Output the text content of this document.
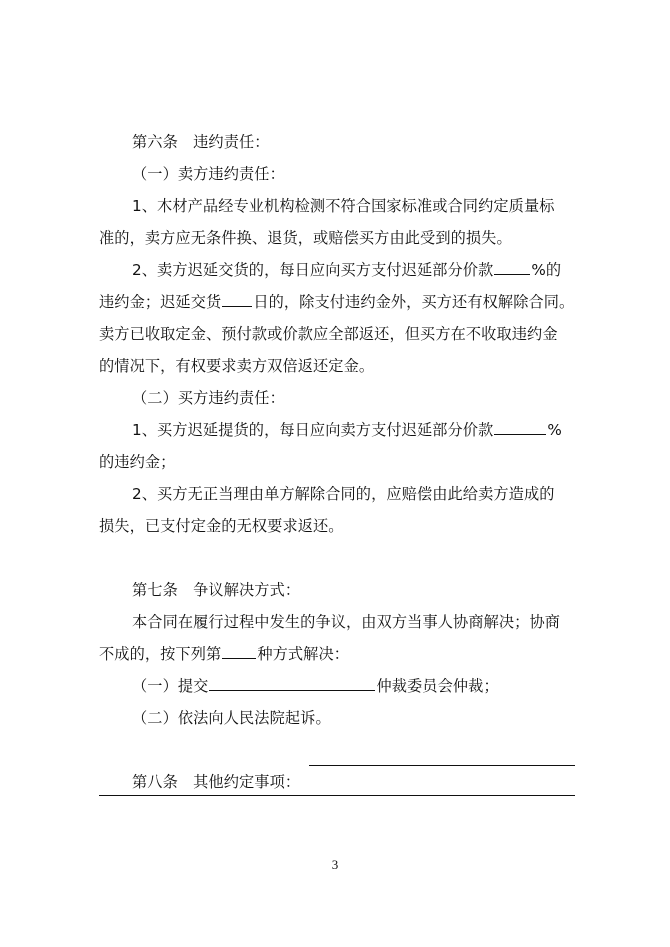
第六条　违约责任：
（一）卖方违约责任：
1、木材产品经专业机构检测不符合国家标准或合同约定质量标
准的，卖方应无条件换、退货，或赔偿买方由此受到的损失。
2、卖方迟延交货的，每日应向买方支付迟延部分价款	%的
违约金；迟延交货 日的，除支付违约金外，买方还有权解除合同。
卖方已收取定金、预付款或价款应全部返还，但买方在不收取违约金
的情况下，有权要求卖方双倍返还定金。
（二）买方违约责任：
1、买方迟延提货的，每日应向卖方支付迟延部分价款	%
的违约金；
2、买方无正当理由单方解除合同的，应赔偿由此给卖方造成的
损失，已支付定金的无权要求返还。
第七条　争议解决方式：
本合同在履行过程中发生的争议，由双方当事人协商解决；协商
不成的，按下列第 种方式解决：
（一）提交	仲裁委员会仲裁；
（二）依法向人民法院起诉。
第八条　其他约定事项：
3
